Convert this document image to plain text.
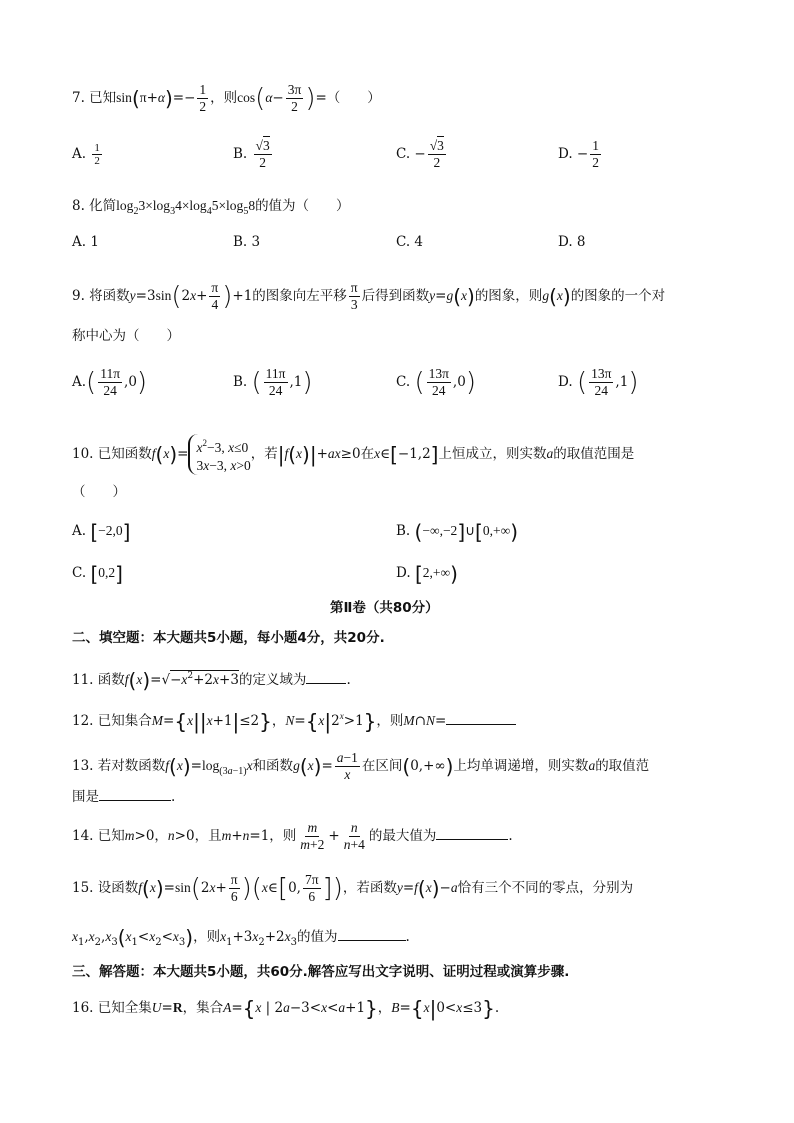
7. 已知$\sin(\pi+\alpha)=- \frac{1}{2}$ ，则$\cos(\alpha- \frac{3\pi}{2}$ )=（　　）
A. $\frac{1}{2}$	B. $\frac{√3}{2}$	C. − $\frac{√3}{2}$	D. − $\frac{1}{2}$
8. 化简$\log_23\times\log_34\times\log_45\times\log_58$的值为（　　）
A. 1	B. 3	C. 4	D. 8
9. 将函数$y=3\sin(2x+ \frac{\pi}{4} )+1$的图象向左平移 $\frac{\pi}{3}$ 后得到函数y=g(x)的图象，则g(x)的图象的一个对
称中心为（　　）
$A.( \frac{11\pi}{24} ,0)$	B. ( $\frac{11\pi}{24} ,1$)	C. ( $\frac{13\pi}{24} ,0$)	D. ( $\frac{13\pi}{24} ,1$)
10. 已知函数$f(x)= x^2-3$, x≤0
3x−3, x>0，若|f(x)|+ax≥0在x∈[−1,2]上恒成立，则实数a的取值范围是
（　　）
A. [−2,0]	B. (−∞,−2]∪[0,+∞)
C. [0,2]	D. [2,+∞)
第Ⅱ卷（共80分）
二、填空题：本大题共5小题，每小题4分，共20分.
11. 函数$f(x)=√-x^2+2x+3$的定义域为	.
12. 已知集合M={x||x+1|≤2}，$N=\{x|2^x>1\}$，则M∩N=
13. 若对数函数$f(x)=\log_{(3a-1)}x$和函数$g(x)= \frac{a-1}{x}$ 在区间(0,+∞)上均单调递增，则实数a的取值范
围是	.
14. 已知m>0，n>0，且m+n=1，则 $\frac{m}{m+2} + \frac{n}{n+4}$ 的最大值为	.
15. 设函数$f(x)=\sin(2x+ \frac{\pi}{6}$ )(x∈[0, $\frac{7\pi}{6}$ ])，若函数y=f(x)−a恰有三个不同的零点，分别为
$x_1,x_2,x_3(x_1<x_2<x_3)$，则$x_1+3x_2+2x_3$的值为	.
三、解答题：本大题共5小题，共60分.解答应写出文字说明、证明过程或演算步骤.
16. 已知全集U=R，集合A={x | 2a−3<x<a+1}，B={x|0<x≤3}.
